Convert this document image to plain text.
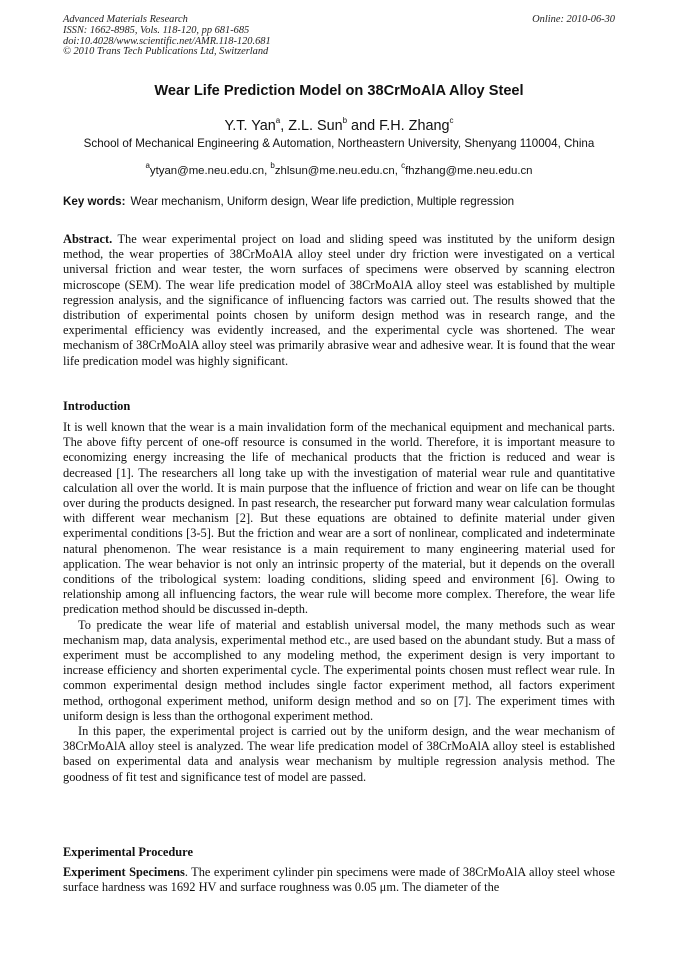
Advanced Materials Research
ISSN: 1662-8985, Vols. 118-120, pp 681-685
doi:10.4028/www.scientific.net/AMR.118-120.681
© 2010 Trans Tech Publications Ltd, Switzerland
Online: 2010-06-30
Wear Life Prediction Model on 38CrMoAlA Alloy Steel
Y.T. Yan$^a$, Z.L. Sun$^b$ and F.H. Zhang$^c$
School of Mechanical Engineering & Automation, Northeastern University, Shenyang 110004, China
$^a$ytyan@me.neu.edu.cn, $^b$zhlsun@me.neu.edu.cn, $^c$fhzhang@me.neu.edu.cn
Key words: Wear mechanism, Uniform design, Wear life prediction, Multiple regression
Abstract. The wear experimental project on load and sliding speed was instituted by the uniform design method, the wear properties of 38CrMoAlA alloy steel under dry friction were investigated on a vertical universal friction and wear tester, the worn surfaces of specimens were observed by scanning electron microscope (SEM). The wear life predication model of 38CrMoAlA alloy steel was established by multiple regression analysis, and the significance of influencing factors was carried out. The results showed that the distribution of experimental points chosen by uniform design method was in research range, and the experimental efficiency was evidently increased, and the experimental cycle was shortened. The wear mechanism of 38CrMoAlA alloy steel was primarily abrasive wear and adhesive wear. It is found that the wear life predication model was highly significant.
Introduction

It is well known that the wear is a main invalidation form of the mechanical equipment and mechanical parts. The above fifty percent of one-off resource is consumed in the world. Therefore, it is important measure to economizing energy increasing the life of mechanical products that the friction is reduced and wear is decreased [1]. The researchers all long take up with the investigation of material wear rule and quantitative calculation all over the world. It is main purpose that the influence of friction and wear on life can be thought over during the products designed. In past research, the researcher put forward many wear calculation formulas with different wear mechanism [2]. But these equations are obtained to definite material under given experimental conditions [3-5]. But the friction and wear are a sort of nonlinear, complicated and indeterminate natural phenomenon. The wear resistance is a main requirement to many engineering material used for application. The wear behavior is not only an intrinsic property of the material, but it depends on the overall conditions of the tribological system: loading conditions, sliding speed and environment [6]. Owing to relationship among all influencing factors, the wear rule will become more complex. Therefore, the wear life predication method should be discussed in-depth.

To predicate the wear life of material and establish universal model, the many methods such as wear mechanism map, data analysis, experimental method etc., are used based on the abundant study. But a mass of experiment must be accomplished to any modeling method, the experiment design is very important to increase efficiency and shorten experimental cycle. The experimental points chosen must reflect wear rule. In common experimental design method includes single factor experiment method, all factors experiment method, orthogonal experiment method, uniform design method and so on [7]. The experiment times with uniform design is less than the orthogonal experiment method.

In this paper, the experimental project is carried out by the uniform design, and the wear mechanism of 38CrMoAlA alloy steel is analyzed. The wear life predication model of 38CrMoAlA alloy steel is established based on experimental data and analysis wear mechanism by multiple regression analysis method. The goodness of fit test and significance test of model are passed.

Experimental Procedure
Experiment Specimens. The experiment cylinder pin specimens were made of 38CrMoAlA alloy steel whose surface hardness was 1692 HV and surface roughness was 0.05 μm. The diameter of the
